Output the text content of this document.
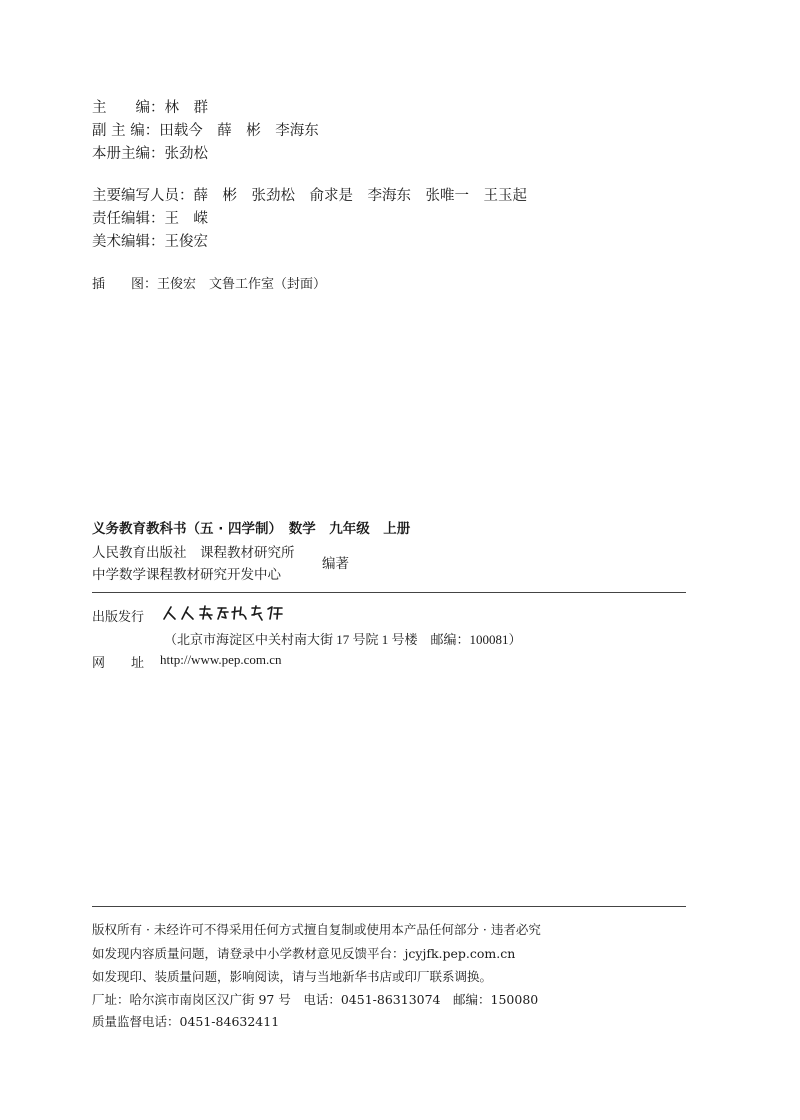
主　　编：林　群
副 主 编：田载今　薛　彬　李海东
本册主编：张劲松
主要编写人员：薛　彬　张劲松　俞求是　李海东　张唯一　王玉起
责任编辑：王　嵘
美术编辑：王俊宏
插　　图：王俊宏　文鲁工作室（封面）
义务教育教科书（五 · 四学制）　数学　九年级　上册
人民教育出版社　课程教材研究所
中学数学课程教材研究开发中心
编著
出版发行
（北京市海淀区中关村南大街 17 号院 1 号楼　邮编：100081）
网　　址 http://www.pep.com.cn
版权所有 · 未经许可不得采用任何方式擅自复制或使用本产品任何部分 · 违者必究
如发现内容质量问题，请登录中小学教材意见反馈平台：jcyjfk.pep.com.cn
如发现印、装质量问题，影响阅读，请与当地新华书店或印厂联系调换。
厂址：哈尔滨市南岗区汉广街 97 号　电话：0451-86313074　邮编：150080
质量监督电话：0451-84632411
